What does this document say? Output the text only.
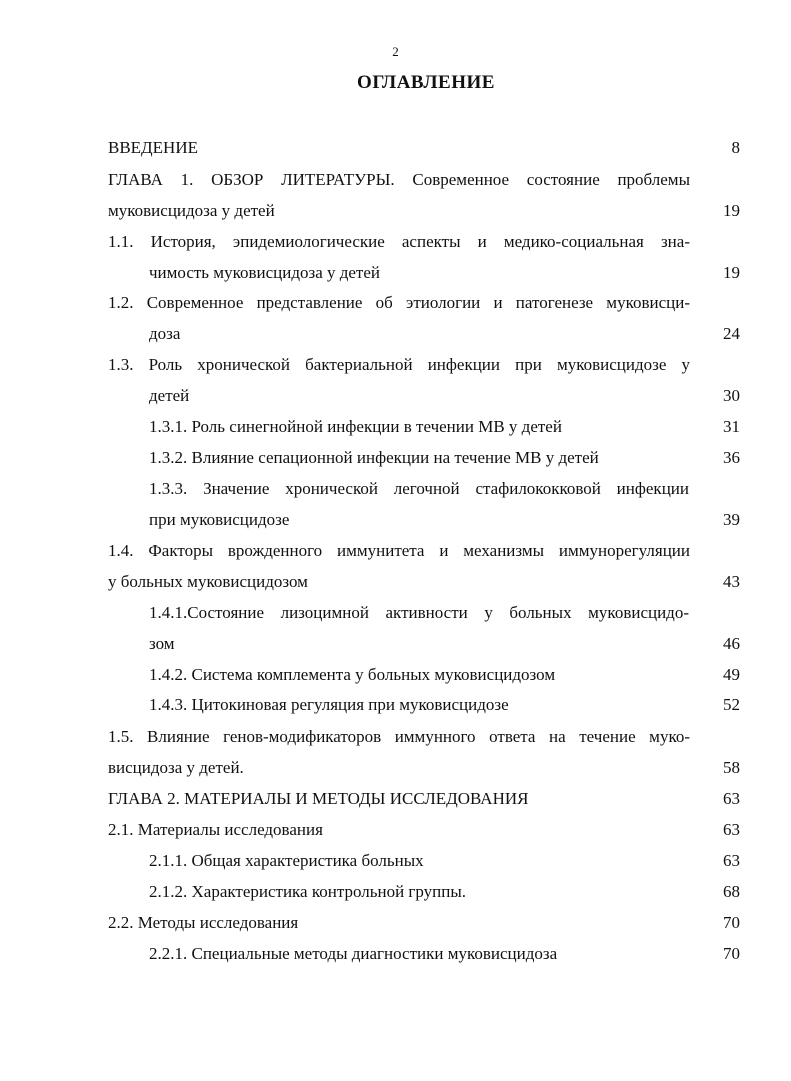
2
ОГЛАВЛЕНИЕ
ВВЕДЕНИЕ	8
ГЛАВА 1. ОБЗОР ЛИТЕРАТУРЫ. Современное состояние проблемы
муковисцидоза у детей	19
1.1. История, эпидемиологические аспекты и медико-социальная зна-
чимость муковисцидоза у детей	19
1.2. Современное представление об этиологии и патогенезе муковисци-
доза	24
1.3. Роль хронической бактериальной инфекции при муковисцидозе у
детей	30
1.3.1. Роль синегнойной инфекции в течении МВ у детей	31
1.3.2. Влияние сепационной инфекции на течение МВ у детей	36
1.3.3. Значение хронической легочной стафилококковой инфекции
при муковисцидозе	39
1.4. Факторы врожденного иммунитета и механизмы иммунорегуляции
у больных муковисцидозом	43
1.4.1.Состояние лизоцимной активности у больных муковисцидо-
зом	46
1.4.2. Система комплемента у больных муковисцидозом	49
1.4.3. Цитокиновая регуляция при муковисцидозе	52
1.5. Влияние генов-модификаторов иммунного ответа на течение муко-
висцидоза у детей.	58
ГЛАВА 2. МАТЕРИАЛЫ И МЕТОДЫ ИССЛЕДОВАНИЯ	63
2.1. Материалы исследования	63
2.1.1. Общая характеристика больных	63
2.1.2. Характеристика контрольной группы.	68
2.2. Методы исследования	70
2.2.1. Специальные методы диагностики муковисцидоза	70
